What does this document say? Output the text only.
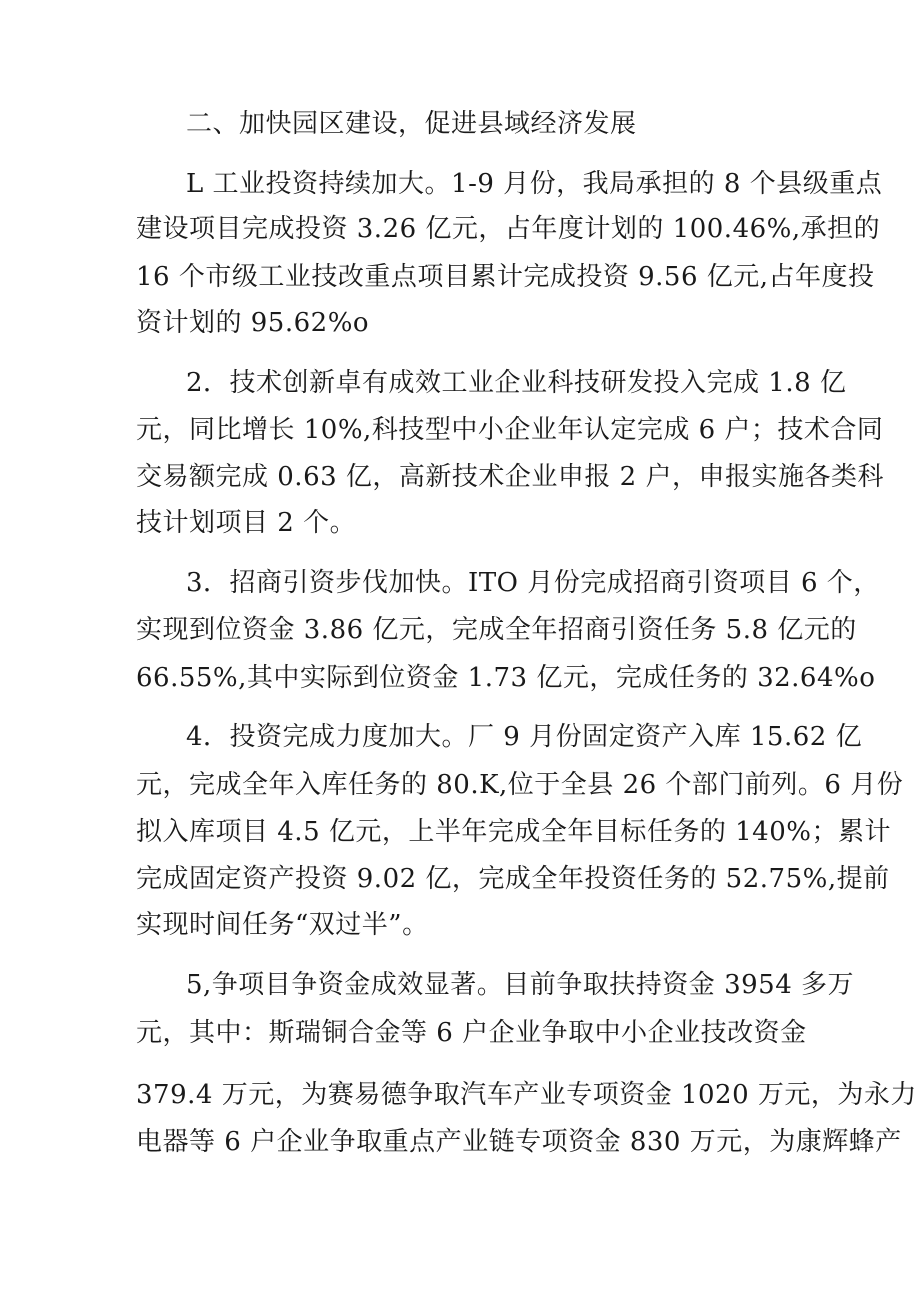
二、加快园区建设，促进县域经济发展
L 工业投资持续加大。1-9 月份，我局承担的 8 个县级重点
建设项目完成投资 3.26 亿元，占年度计划的 100.46%,承担的
16 个市级工业技改重点项目累计完成投资 9.56 亿元,占年度投
资计划的 95.62%o
2．技术创新卓有成效工业企业科技研发投入完成 1.8 亿
元，同比增长 10%,科技型中小企业年认定完成 6 户；技术合同
交易额完成 0.63 亿，高新技术企业申报 2 户，申报实施各类科
技计划项目 2 个。
3．招商引资步伐加快。ITO 月份完成招商引资项目 6 个，
实现到位资金 3.86 亿元，完成全年招商引资任务 5.8 亿元的
66.55%,其中实际到位资金 1.73 亿元，完成任务的 32.64%o
4．投资完成力度加大。厂 9 月份固定资产入库 15.62 亿
元，完成全年入库任务的 80.K,位于全县 26 个部门前列。6 月份
拟入库项目 4.5 亿元，上半年完成全年目标任务的 140%；累计
完成固定资产投资 9.02 亿，完成全年投资任务的 52.75%,提前
实现时间任务“双过半”。
5,争项目争资金成效显著。目前争取扶持资金 3954 多万
元，其中：斯瑞铜合金等 6 户企业争取中小企业技改资金
379.4 万元，为赛易德争取汽车产业专项资金 1020 万元，为永力
电器等 6 户企业争取重点产业链专项资金 830 万元，为康辉蜂产
